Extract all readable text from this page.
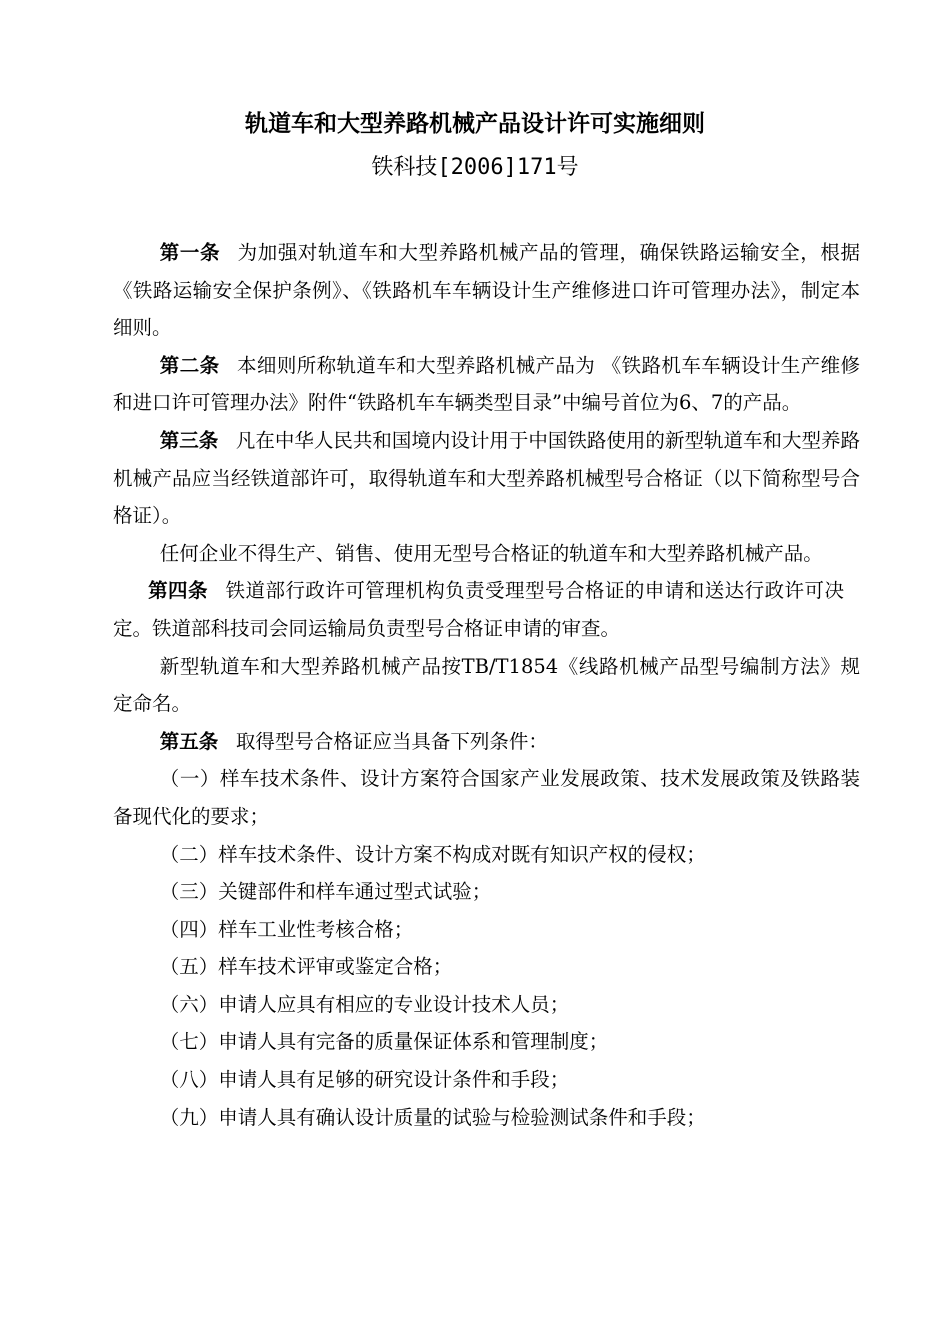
轨道车和大型养路机械产品设计许可实施细则
铁科技[2006]171号

第一条 为加强对轨道车和大型养路机械产品的管理，确保铁路运输安全，根据《铁路运输安全保护条例》、《铁路机车车辆设计生产维修进口许可管理办法》，制定本细则。

第二条 本细则所称轨道车和大型养路机械产品为 《铁路机车车辆设计生产维修和进口许可管理办法》附件“铁路机车车辆类型目录”中编号首位为6、7的产品。

第三条 凡在中华人民共和国境内设计用于中国铁路使用的新型轨道车和大型养路机械产品应当经铁道部许可，取得轨道车和大型养路机械型号合格证（以下简称型号合格证）。

任何企业不得生产、销售、使用无型号合格证的轨道车和大型养路机械产品。

第四条 铁道部行政许可管理机构负责受理型号合格证的申请和送达行政许可决定。铁道部科技司会同运输局负责型号合格证申请的审查。

新型轨道车和大型养路机械产品按TB/T1854《线路机械产品型号编制方法》规定命名。

第五条 取得型号合格证应当具备下列条件：

（一）样车技术条件、设计方案符合国家产业发展政策、技术发展政策及铁路装备现代化的要求；

（二）样车技术条件、设计方案不构成对既有知识产权的侵权；

（三）关键部件和样车通过型式试验；

（四）样车工业性考核合格；

（五）样车技术评审或鉴定合格；

（六）申请人应具有相应的专业设计技术人员；

（七）申请人具有完备的质量保证体系和管理制度；

（八）申请人具有足够的研究设计条件和手段；

（九）申请人具有确认设计质量的试验与检验测试条件和手段；
